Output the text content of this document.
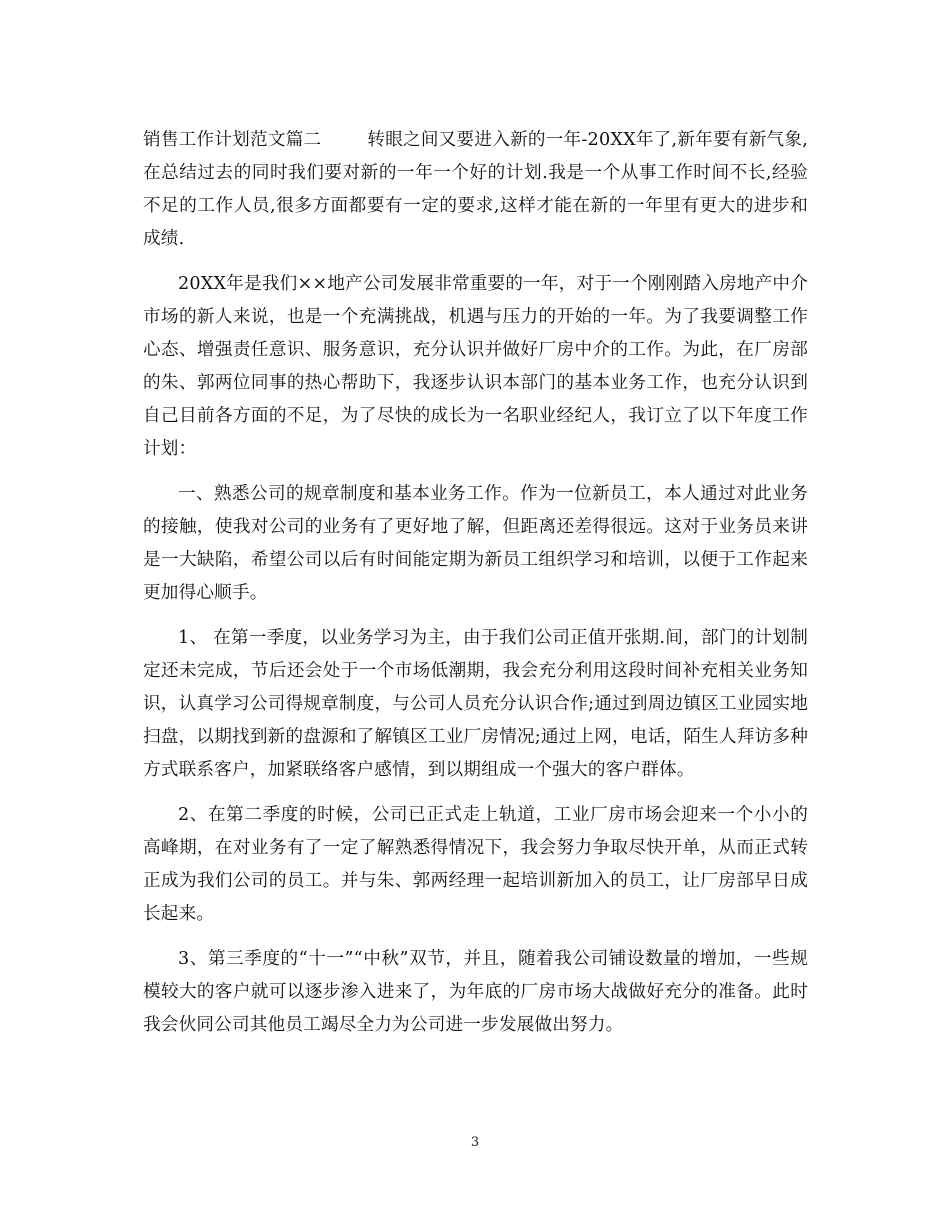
销售工作计划范文篇二	转眼之间又要进入新的一年-20XX年了,新年要有新气象,在总结过去的同时我们要对新的一年一个好的计划.我是一个从事工作时间不长,经验不足的工作人员,很多方面都要有一定的要求,这样才能在新的一年里有更大的进步和成绩.

20XX年是我们××地产公司发展非常重要的一年，对于一个刚刚踏入房地产中介市场的新人来说，也是一个充满挑战，机遇与压力的开始的一年。为了我要调整工作心态、增强责任意识、服务意识，充分认识并做好厂房中介的工作。为此，在厂房部的朱、郭两位同事的热心帮助下，我逐步认识本部门的基本业务工作，也充分认识到自己目前各方面的不足，为了尽快的成长为一名职业经纪人，我订立了以下年度工作计划：

一、熟悉公司的规章制度和基本业务工作。作为一位新员工，本人通过对此业务的接触，使我对公司的业务有了更好地了解，但距离还差得很远。这对于业务员来讲是一大缺陷，希望公司以后有时间能定期为新员工组织学习和培训，以便于工作起来更加得心顺手。

1、 在第一季度，以业务学习为主，由于我们公司正值开张期.间，部门的计划制定还未完成，节后还会处于一个市场低潮期，我会充分利用这段时间补充相关业务知识，认真学习公司得规章制度，与公司人员充分认识合作;通过到周边镇区工业园实地扫盘，以期找到新的盘源和了解镇区工业厂房情况;通过上网，电话，陌生人拜访多种方式联系客户，加紧联络客户感情，到以期组成一个强大的客户群体。

2、在第二季度的时候，公司已正式走上轨道，工业厂房市场会迎来一个小小的高峰期，在对业务有了一定了解熟悉得情况下，我会努力争取尽快开单，从而正式转正成为我们公司的员工。并与朱、郭两经理一起培训新加入的员工，让厂房部早日成长起来。

3、第三季度的“十一”“中秋”双节，并且，随着我公司铺设数量的增加，一些规模较大的客户就可以逐步渗入进来了，为年底的厂房市场大战做好充分的准备。此时我会伙同公司其他员工竭尽全力为公司进一步发展做出努力。

3
